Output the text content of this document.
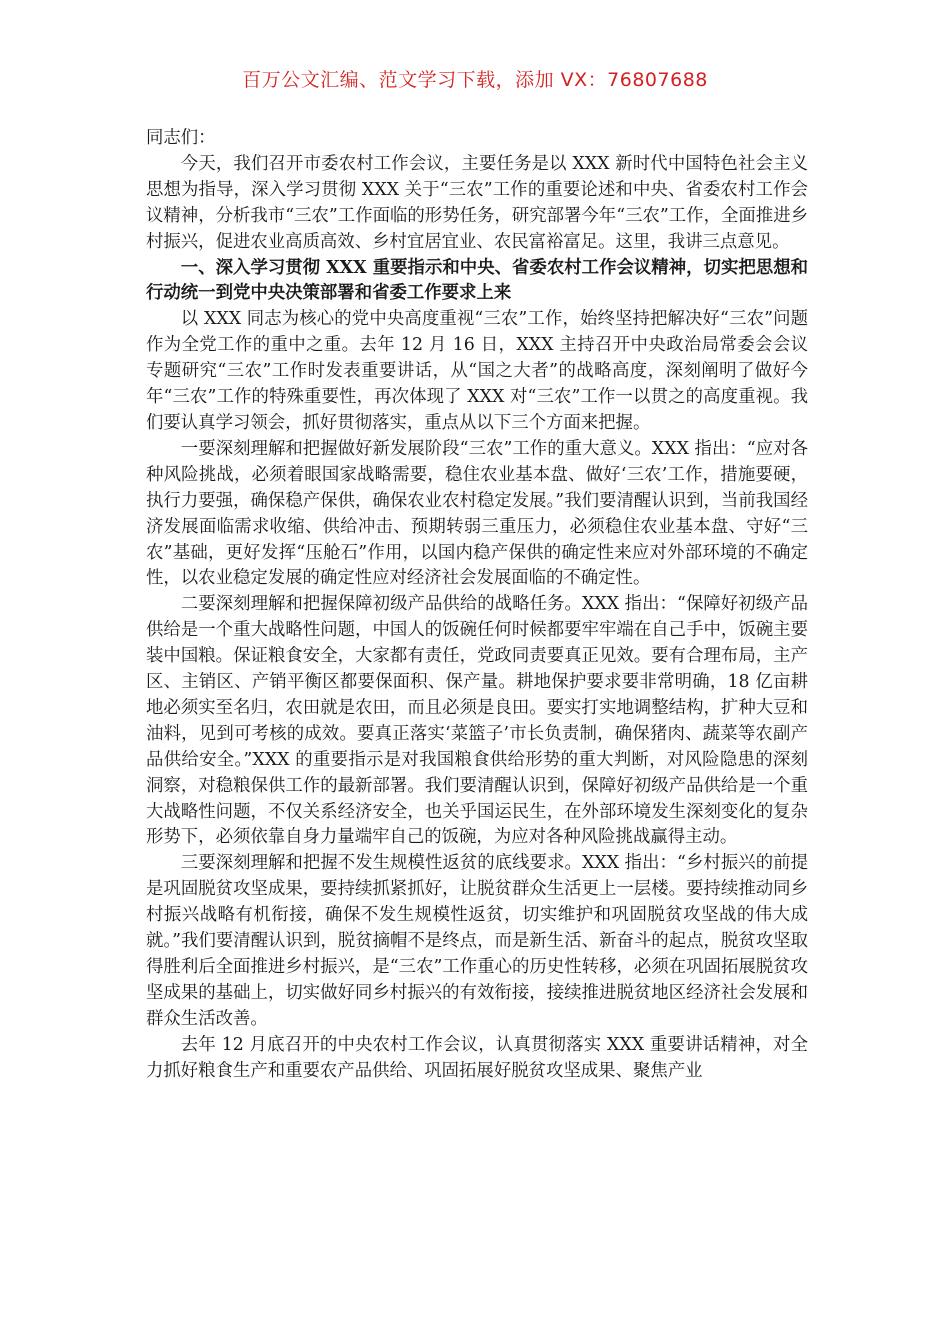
百万公文汇编、范文学习下载，添加 VX：76807688

同志们：

今天，我们召开市委农村工作会议，主要任务是以 XXX 新时代中国特色社会主义思想为指导，深入学习贯彻 XXX 关于“三农”工作的重要论述和中央、省委农村工作会议精神，分析我市“三农”工作面临的形势任务，研究部署今年“三农”工作，全面推进乡村振兴，促进农业高质高效、乡村宜居宜业、农民富裕富足。这里，我讲三点意见。

一、深入学习贯彻 XXX 重要指示和中央、省委农村工作会议精神，切实把思想和行动统一到党中央决策部署和省委工作要求上来

以 XXX 同志为核心的党中央高度重视“三农”工作，始终坚持把解决好“三农”问题作为全党工作的重中之重。去年 12 月 16 日，XXX 主持召开中央政治局常委会会议专题研究“三农”工作时发表重要讲话，从“国之大者”的战略高度，深刻阐明了做好今年“三农”工作的特殊重要性，再次体现了 XXX 对“三农”工作一以贯之的高度重视。我们要认真学习领会，抓好贯彻落实，重点从以下三个方面来把握。

一要深刻理解和把握做好新发展阶段“三农”工作的重大意义。XXX 指出：“应对各种风险挑战，必须着眼国家战略需要，稳住农业基本盘、做好‘三农’工作，措施要硬，执行力要强，确保稳产保供，确保农业农村稳定发展。”我们要清醒认识到，当前我国经济发展面临需求收缩、供给冲击、预期转弱三重压力，必须稳住农业基本盘、守好“三农”基础，更好发挥“压舱石”作用，以国内稳产保供的确定性来应对外部环境的不确定性，以农业稳定发展的确定性应对经济社会发展面临的不确定性。

二要深刻理解和把握保障初级产品供给的战略任务。XXX 指出：“保障好初级产品供给是一个重大战略性问题，中国人的饭碗任何时候都要牢牢端在自己手中，饭碗主要装中国粮。保证粮食安全，大家都有责任，党政同责要真正见效。要有合理布局，主产区、主销区、产销平衡区都要保面积、保产量。耕地保护要求要非常明确，18 亿亩耕地必须实至名归，农田就是农田，而且必须是良田。要实打实地调整结构，扩种大豆和油料，见到可考核的成效。要真正落实‘菜篮子’市长负责制，确保猪肉、蔬菜等农副产品供给安全。”XXX 的重要指示是对我国粮食供给形势的重大判断，对风险隐患的深刻洞察，对稳粮保供工作的最新部署。我们要清醒认识到，保障好初级产品供给是一个重大战略性问题，不仅关系经济安全，也关乎国运民生，在外部环境发生深刻变化的复杂形势下，必须依靠自身力量端牢自己的饭碗，为应对各种风险挑战赢得主动。

三要深刻理解和把握不发生规模性返贫的底线要求。XXX 指出：“乡村振兴的前提是巩固脱贫攻坚成果，要持续抓紧抓好，让脱贫群众生活更上一层楼。要持续推动同乡村振兴战略有机衔接，确保不发生规模性返贫，切实维护和巩固脱贫攻坚战的伟大成就。”我们要清醒认识到，脱贫摘帽不是终点，而是新生活、新奋斗的起点，脱贫攻坚取得胜利后全面推进乡村振兴，是“三农”工作重心的历史性转移，必须在巩固拓展脱贫攻坚成果的基础上，切实做好同乡村振兴的有效衔接，接续推进脱贫地区经济社会发展和群众生活改善。

去年 12 月底召开的中央农村工作会议，认真贯彻落实 XXX 重要讲话精神，对全力抓好粮食生产和重要农产品供给、巩固拓展好脱贫攻坚成果、聚焦产业
